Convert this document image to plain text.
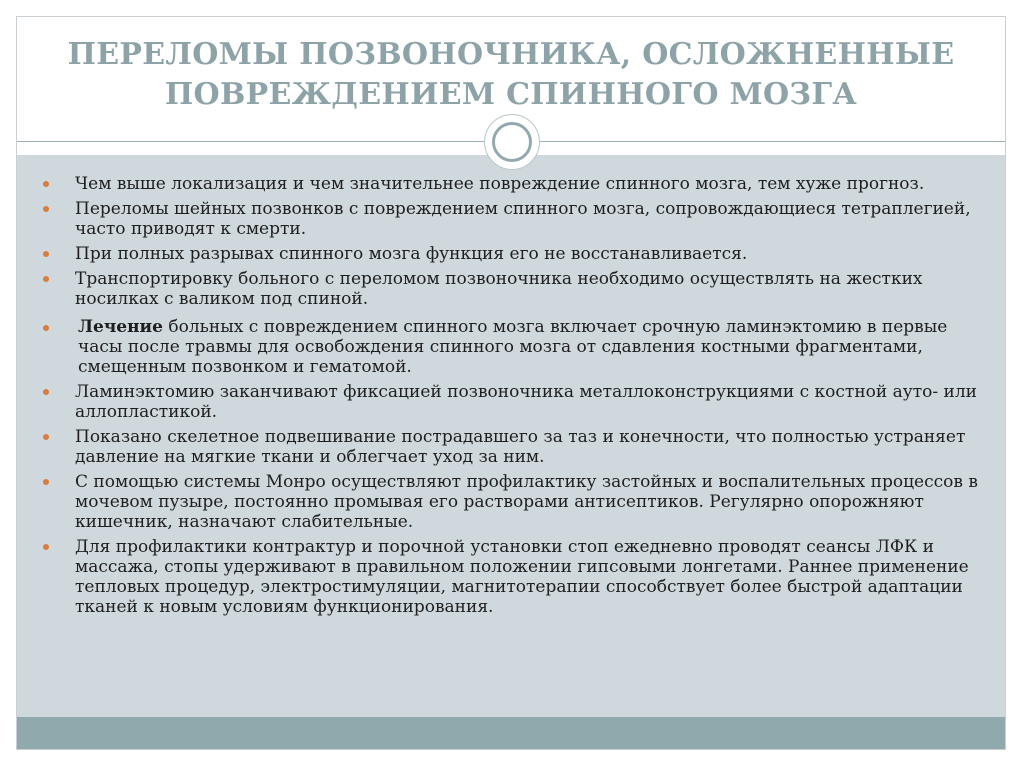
ПЕРЕЛОМЫ ПОЗВОНОЧНИКА, ОСЛОЖНЕННЫЕ
ПОВРЕЖДЕНИЕМ СПИННОГО МОЗГА
Чем выше локализация и чем значительнее повреждение спинного мозга, тем хуже прогноз.
Переломы шейных позвонков с повреждением спинного мозга, сопровождающиеся тетраплегией, часто приводят к смерти.
При полных разрывах спинного мозга функция его не восстанавливается.
Транспортировку больного с переломом позвоночника необходимо осуществлять на жестких носилках с валиком под спиной.
Лечение больных с повреждением спинного мозга включает срочную ламинэктомию в первые часы после травмы для освобождения спинного мозга от сдавления костными фрагментами, смещенным позвонком и гематомой.
Ламинэктомию заканчивают фиксацией позвоночника металлоконструкциями с костной ауто- или аллопластикой.
Показано скелетное подвешивание пострадавшего за таз и конечности, что полностью устраняет давление на мягкие ткани и облегчает уход за ним.
С помощью системы Монро осуществляют профилактику застойных и воспалительных процессов в мочевом пузыре, постоянно промывая его растворами антисептиков. Регулярно опорожняют кишечник, назначают слабительные.
Для профилактики контрактур и порочной установки стоп ежедневно проводят сеансы ЛФК и массажа, стопы удерживают в правильном положении гипсовыми лонгетами. Раннее применение тепловых процедур, электростимуляции, магнитотерапии способствует более быстрой адаптации тканей к новым условиям функционирования.
